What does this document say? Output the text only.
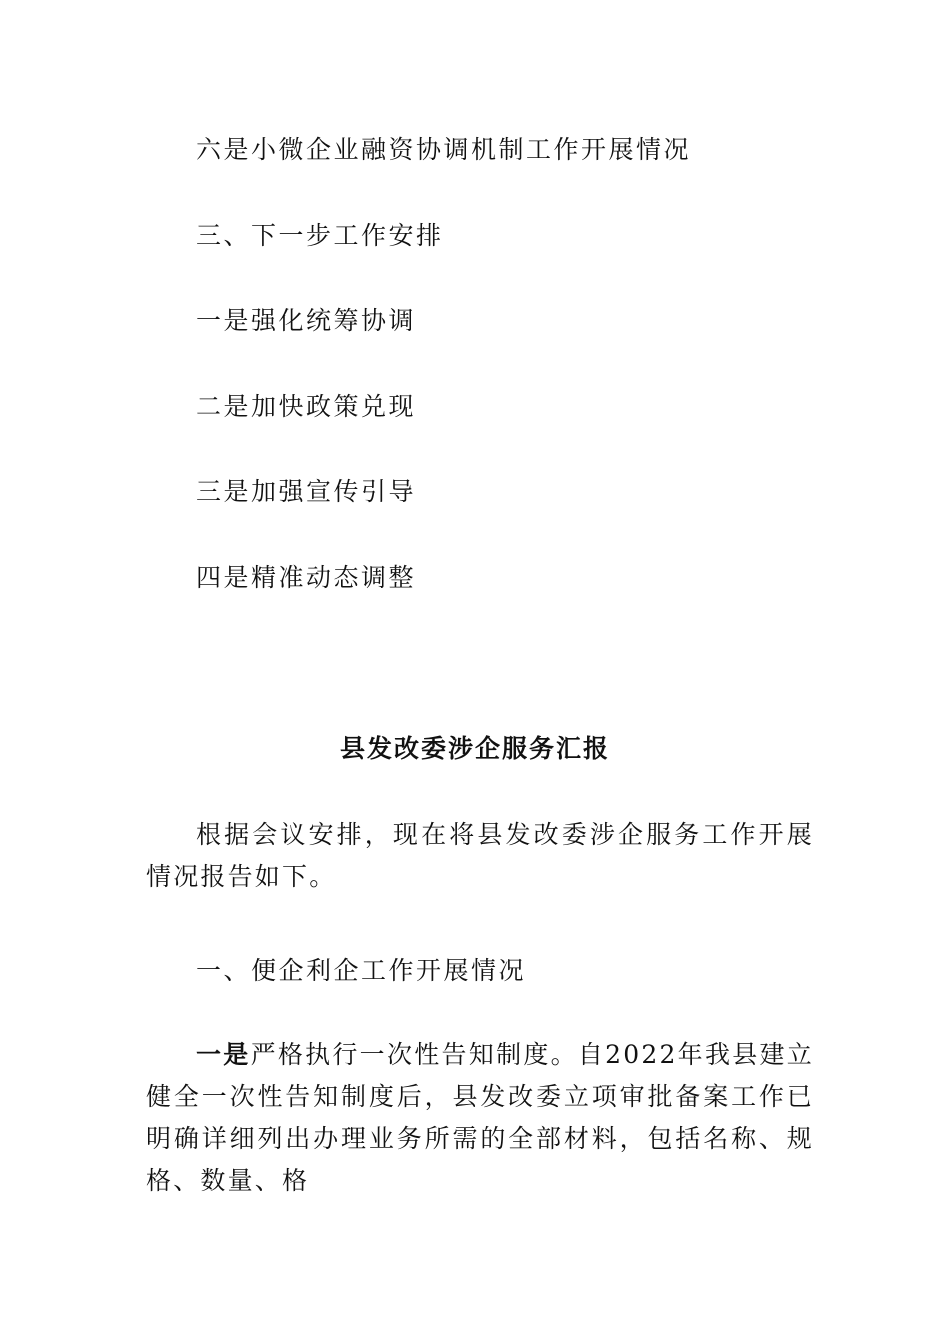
六是小微企业融资协调机制工作开展情况
三、下一步工作安排
一是强化统筹协调
二是加快政策兑现
三是加强宣传引导
四是精准动态调整
县发改委涉企服务汇报
根据会议安排，现在将县发改委涉企服务工作开展情况报告如下。
一、便企利企工作开展情况
一是严格执行一次性告知制度。自2022年我县建立健全一次性告知制度后，县发改委立项审批备案工作已明确详细列出办理业务所需的全部材料，包括名称、规格、数量、格
